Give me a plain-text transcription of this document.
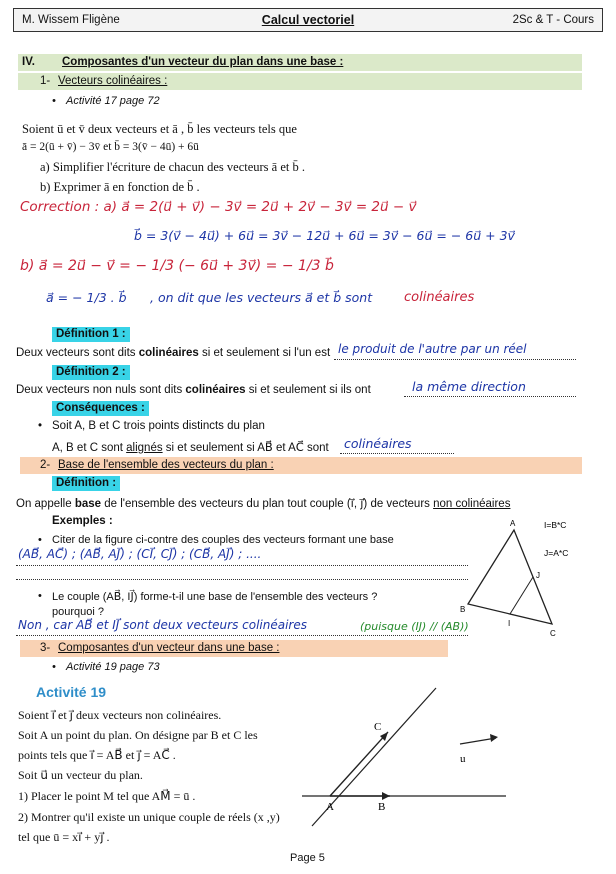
M. Wissem Fligène	Calcul vectoriel	2Sc & T - Cours
IV. Composantes d'un vecteur du plan dans une base :
1- Vecteurs colinéaires :
• Activité 17 page 72
Soient ū et v̄ deux vecteurs et ā , b̄ les vecteurs tels que
ā = 2(ū + v̄) − 3v̄ et b̄ = 3(v̄ − 4ū) + 6ū
a) Simplifier l'écriture de chacun des vecteurs ā et b̄ .
b) Exprimer ā en fonction de b̄ .
Correction : a) a⃗ = 2(u⃗ + v⃗) − 3v⃗ = 2u⃗ + 2v⃗ − 3v⃗ = 2u⃗ − v⃗
b⃗ = 3(v⃗ − 4u⃗) + 6u⃗ = 3v⃗ − 12u⃗ + 6u⃗ = 3v⃗ − 6u⃗ = − 6u⃗ + 3v⃗
b) a⃗ = 2u⃗ − v⃗ = − 1/3 (− 6u⃗ + 3v⃗) = − 1/3 b⃗
a⃗ = − 1/3 . b⃗ , on dit que les vecteurs a⃗ et b⃗ sont colinéaires
Définition 1 :
Deux vecteurs sont dits colinéaires si et seulement si l'un est le produit de l'autre par un réel
Définition 2 :
Deux vecteurs non nuls sont dits colinéaires si et seulement si ils ont	la même direction
Conséquences :
• Soit A, B et C trois points distincts du plan
A, B et C sont alignés si et seulement si AB⃗ et AC⃗ sont colinéaires
2- Base de l'ensemble des vecteurs du plan :
Définition :
On appelle base de l'ensemble des vecteurs du plan tout couple (i⃗, j⃗) de vecteurs non colinéaires
Exemples :
• Citer de la figure ci-contre des couples des vecteurs formant une base
(AB⃗, AC⃗) ; (AB⃗, AJ⃗) ; (CI⃗, CJ⃗) ; (CB⃗, AJ⃗) ; ....
• Le couple (AB⃗, IJ⃗) forme-t-il une base de l'ensemble des vecteurs ?
pourquoi ?
Non , car AB⃗ et IJ⃗ sont deux vecteurs colinéaires	(puisque (IJ) // (AB))
A
B
C
I
J
I=B*C
J=A*C
3- Composantes d'un vecteur dans une base :
• Activité 19 page 73
Activité 19
Soient i⃗ et j⃗ deux vecteurs non colinéaires.
Soit A un point du plan. On désigne par B et C les
points tels que i⃗ = AB⃗ et j⃗ = AC⃗ .
Soit u⃗ un vecteur du plan.
1) Placer le point M tel que AM⃗ = ū .
2) Montrer qu'il existe un unique couple de réels (x ,y)
tel que ū = xi⃗ + yj⃗ .
C
A	B
u
Page 5
